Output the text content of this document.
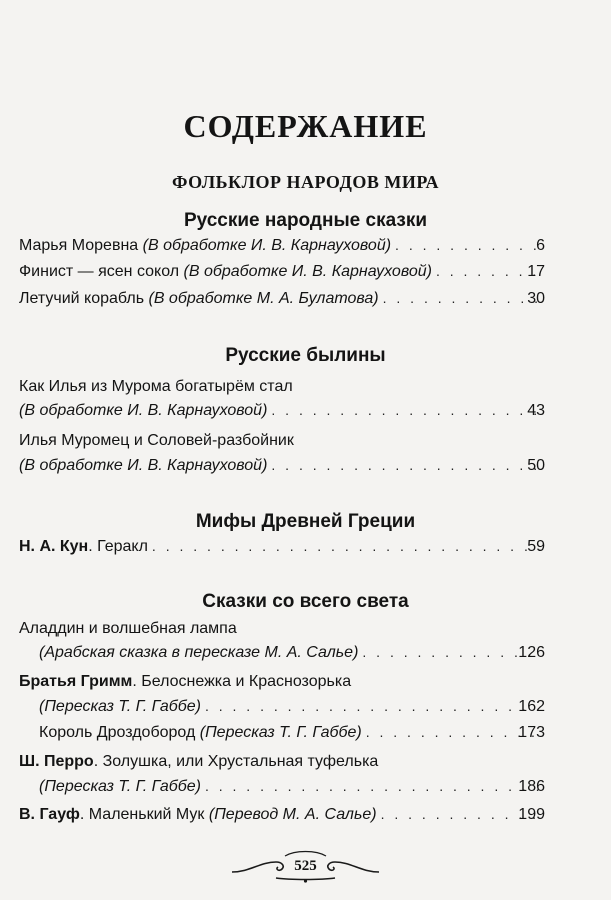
СОДЕРЖАНИЕ
ФОЛЬКЛОР НАРОДОВ МИРА
Русские народные сказки
Марья Моревна (В обработке И. В. Карнауховой) . . .	6
Финист — ясен сокол (В обработке И. В. Карнауховой) . . .	17
Летучий корабль (В обработке М. А. Булатова) . . .	30
Русские былины
Как Илья из Мурома богатырём стал
(В обработке И. В. Карнауховой) . . .	43
Илья Муромец и Соловей-разбойник
(В обработке И. В. Карнауховой) . . .	50
Мифы Древней Греции
Н. А. Кун. Геракл . . .	59
Сказки со всего света
Аладдин и волшебная лампа
(Арабская сказка в пересказе М. А. Салье) . . .	126
Братья Гримм. Белоснежка и Краснозорька
(Пересказ Т. Г. Габбе) . . .	162
Король Дроздобород (Пересказ Т. Г. Габбе) . . .	173
Ш. Перро. Золушка, или Хрустальная туфелька
(Пересказ Т. Г. Габбе) . . .	186
В. Гауф. Маленький Мук (Перевод М. А. Салье) . . .	199
525
